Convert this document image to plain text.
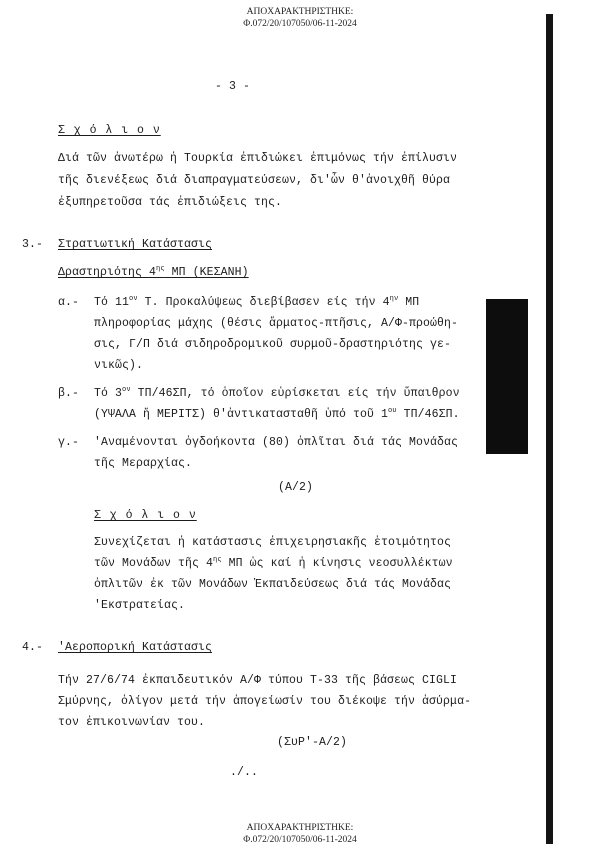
ΑΠΟΧΑΡΑΚΤΗΡΙΣΤΗΚΕ:
Φ.072/20/107050/06-11-2024
ΑΠΟΧΑΡΑΚΤΗΡΙΣΤΗΚΕ:
Φ.072/20/107050/06-11-2024
- 3 -
Σ χ ό λ ι ο ν
Διά τῶν ἀνωτέρω ἡ Τουρκία ἐπιδιώκει ἐπιμόνως τήν ἐπίλυσιν
τῆς διενέξεως διά διαπραγματεύσεων, δι'ὧν θ'ἀνοιχθῆ θύρα
ἐξυπηρετοῦσα τάς ἐπιδιώξεις της.
3.- Στρατιωτική Κατάστασις
Δραστηριότης $4^{\eta\varsigma}$ ΜΠ (ΚΕΣΑΝΗ)
α.- Τό $11^{o\nu}$ Τ. Προκαλύψεως διεβίβασεν είς τήν $4^{\eta\nu}$ ΜΠ
πληροφορίας μάχης (θέσις ἅρματος-πτῆσις, Α/Φ-προώθη-
σις, Γ/Π διά σιδηροδρομικοῦ συρμοῦ-δραστηριότης γε-
νικῶς).
β.- Τό $3^{o\nu}$ ΤΠ/46ΣΠ, τό ὁποῖον εὑρίσκεται είς τήν ὕπαιθρον
(ΥΨΑΛΑ ἤ ΜΕΡΙΤΣ) θ'ἀντικατασταθῆ ὑπό τοῦ $1^{o\upsilon}$ ΤΠ/46ΣΠ.
γ.- 'Αναμένονται ὀγδοήκοντα (80) ὁπλῖται διά τάς Μονάδας
τῆς Μεραρχίας.
(Α/2)
Σ χ ό λ ι ο ν
Συνεχίζεται ἡ κατάστασις ἐπιχειρησιακῆς ἑτοιμότητος
τῶν Μονάδων τῆς $4^{\eta\varsigma}$ ΜΠ ὡς καί ἡ κίνησις νεοσυλλέκτων
ὁπλιτῶν ἐκ τῶν Μονάδων Ἐκπαιδεύσεως διά τάς Μονάδας
'Εκστρατείας.
4.- 'Αεροπορική Κατάστασις
Τήν 27/6/74 ἐκπαιδευτικόν Α/Φ τύπου Τ-33 τῆς βάσεως CIGLI
Σμύρνης, ὀλίγον μετά τήν ἀπογείωσίν του διέκοψε τήν ἀσύρμα-
τον ἐπικοινωνίαν του.
(ΣυΡ'-Α/2)
./..
